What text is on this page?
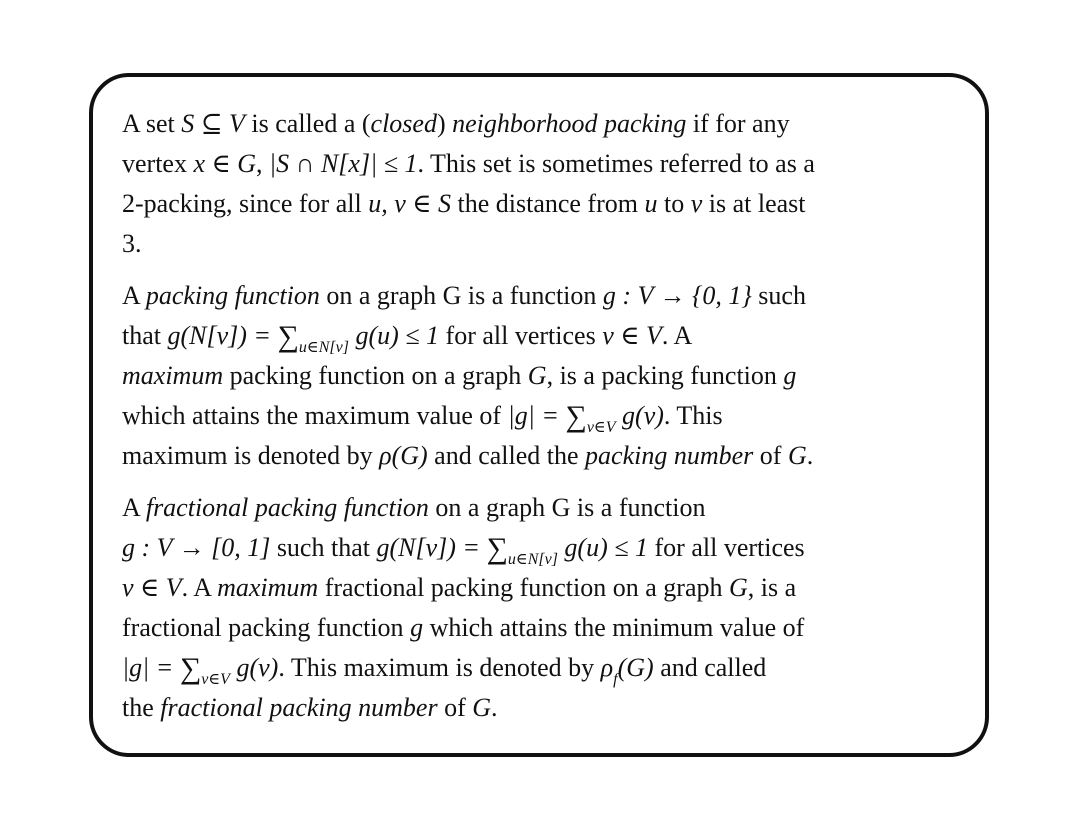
A set S ⊆ V is called a (closed) neighborhood packing if for any
vertex x ∈ G, |S ∩ N[x]| ≤ 1. This set is sometimes referred to as a
2-packing, since for all u, v ∈ S the distance from u to v is at least
3.
A packing function on a graph G is a function g : V → {0, 1} such
that $g(N[v]) = \sum_{u\in N[v]}$ g(u) ≤ 1 for all vertices v ∈ V. A
maximum packing function on a graph G, is a packing function g
which attains the maximum value of $|g| = \sum_{v\in V}$ g(v). This
maximum is denoted by ρ(G) and called the packing number of G.
A fractional packing function on a graph G is a function
g : V → [0, 1] such that $g(N[v]) = \sum_{u\in N[v]}$ g(u) ≤ 1 for all vertices
v ∈ V. A maximum fractional packing function on a graph G, is a
fractional packing function g which attains the minimum value of
$|g| = \sum_{v\in V}$ g(v). This maximum is denoted by $\rho_f(G)$ and called
the fractional packing number of G.
